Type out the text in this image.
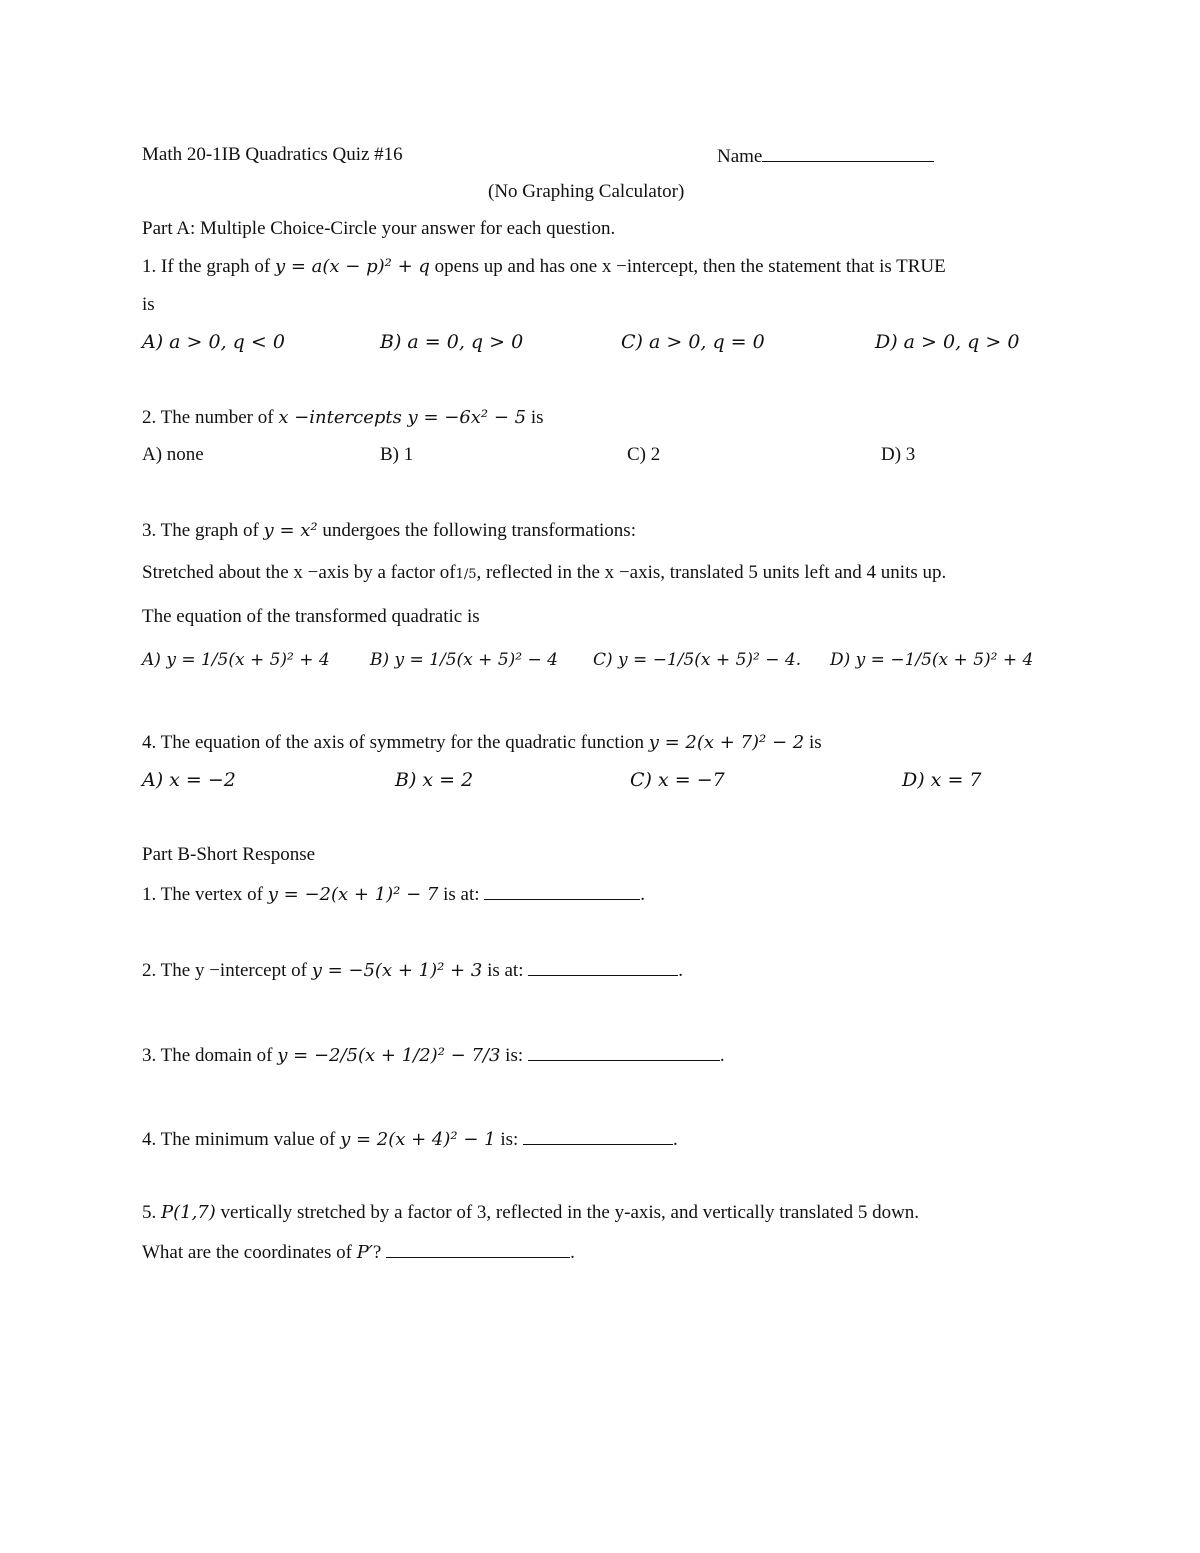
Math 20-1IB Quadratics Quiz #16	Name
(No Graphing Calculator)
Part A: Multiple Choice-Circle your answer for each question.
1. If the graph of y = a(x − p)² + q opens up and has one x −intercept, then the statement that is TRUE
is
A) a > 0, q < 0	B) a = 0, q > 0	C) a > 0, q = 0	D) a > 0, q > 0
2. The number of x −intercepts y = −6x² − 5 is
A) none	B) 1	C) 2	D) 3
3. The graph of y = x² undergoes the following transformations:
Stretched about the x −axis by a factor of1/5, reflected in the x −axis, translated 5 units left and 4 units up.
The equation of the transformed quadratic is
A) y = 1/5(x + 5)² + 4 B) y = 1/5(x + 5)² − 4 C) y = −1/5(x + 5)² − 4. D) y = −1/5(x + 5)² + 4
4. The equation of the axis of symmetry for the quadratic function y = 2(x + 7)² − 2 is
A) x = −2	B) x = 2	C) x = −7	D) x = 7
Part B-Short Response
1. The vertex of y = −2(x + 1)² − 7 is at:	.
2. The y −intercept of y = −5(x + 1)² + 3 is at:	.
3. The domain of y = −2/5(x + 1/2)² − 7/3 is:	.
4. The minimum value of y = 2(x + 4)² − 1 is:	.
5. P(1,7) vertically stretched by a factor of 3, reflected in the y-axis, and vertically translated 5 down.
What are the coordinates of P′?	.
